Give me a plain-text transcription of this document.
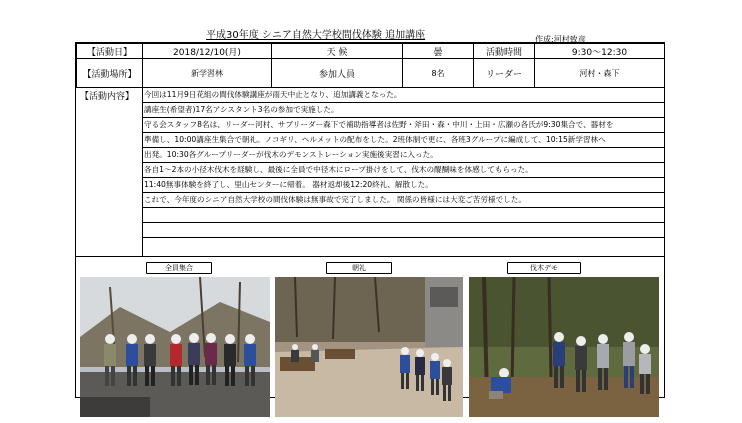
平成30年度 シニア自然大学校間伐体験 追加講座	作成:河村致彦
【活動日】	2018/12/10(月)	天 候	曇	活動時間	9:30〜12:30
【活動場所】	新学習林	参加人員	8名	リーダー	河村・森下
【活動内容】 今回は11月9日花組の間伐体験講座が雨天中止となり、追加講義となった。
講座生(希望者)17名アシスタント3名の参加で実施した。
守る会スタッフ8名は、リーダー河村、サブリーダー森下で補助指導者は佐野・斧田・森・中川・上田・広瀬の各氏が9:30集合で、器材を
準備し、10:00講座生集合で朝礼。ノコギリ、ヘルメットの配布をした。2班体制で更に、各班3グループに編成して、10:15新学習林へ
出発。10:30各グループリーダーが伐木のデモンストレーション実施後実習に入った。
各自1〜2本の小径木伐木を経験し、最後に全員で中径木にロープ掛けをして、伐木の醍醐味を体感してもらった。
11:40無事体験を終了し、里山センターに帰着。 器材返却後12:20終礼、解散した。
これで、今年度のシニア自然大学校の間伐体験は無事故で完了しました。 関係の皆様には大変ご苦労様でした。
全員集合	朝礼	伐木デモ
